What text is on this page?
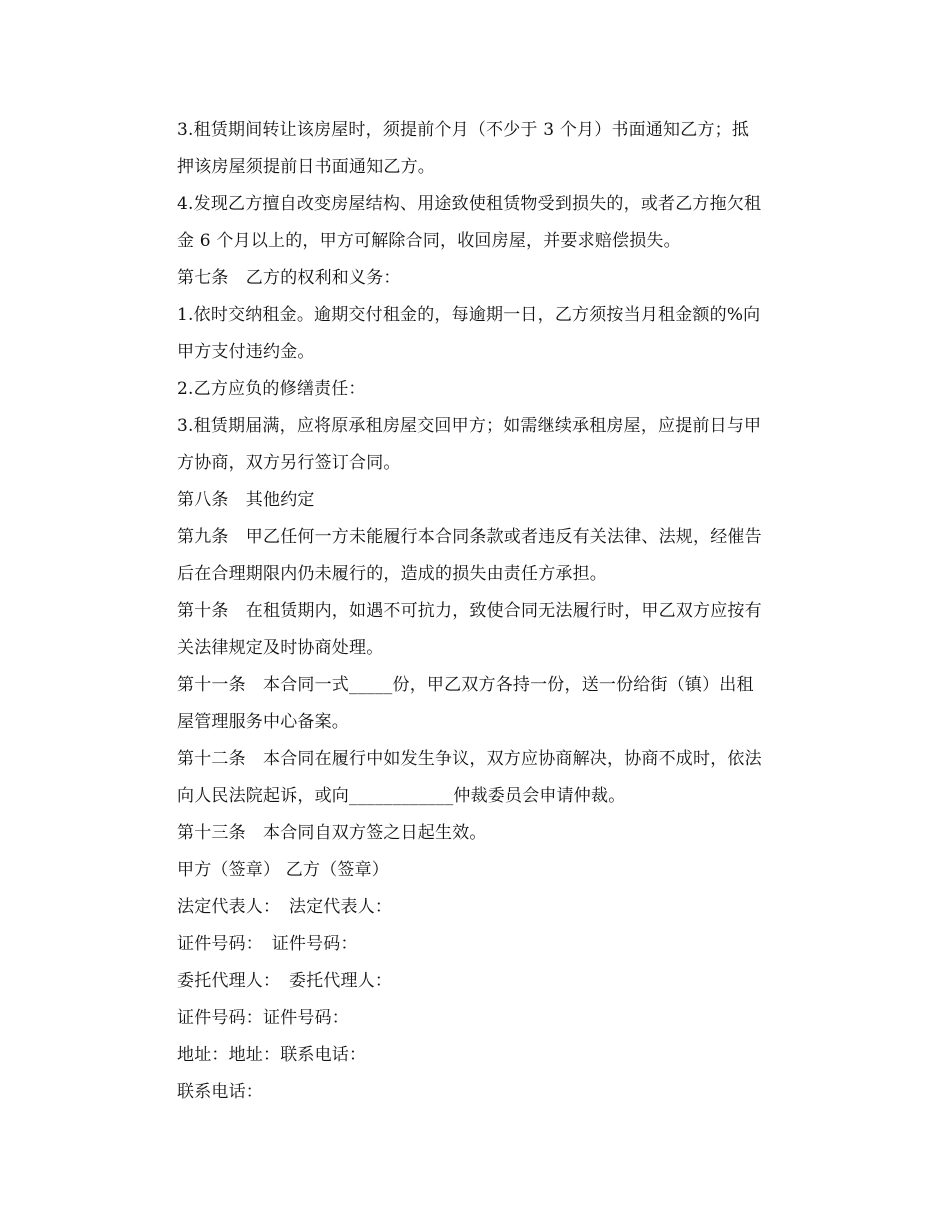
3.租赁期间转让该房屋时，须提前个月（不少于 3 个月）书面通知乙方；抵
押该房屋须提前日书面通知乙方。

4.发现乙方擅自改变房屋结构、用途致使租赁物受到损失的，或者乙方拖欠租
金 6 个月以上的，甲方可解除合同，收回房屋，并要求赔偿损失。

第七条　乙方的权利和义务：

1.依时交纳租金。逾期交付租金的，每逾期一日，乙方须按当月租金额的%向
甲方支付违约金。

2.乙方应负的修缮责任：

3.租赁期届满，应将原承租房屋交回甲方；如需继续承租房屋，应提前日与甲
方协商，双方另行签订合同。

第八条　其他约定

第九条　甲乙任何一方未能履行本合同条款或者违反有关法律、法规，经催告
后在合理期限内仍未履行的，造成的损失由责任方承担。

第十条　在租赁期内，如遇不可抗力，致使合同无法履行时，甲乙双方应按有
关法律规定及时协商处理。

第十一条　本合同一式_____份，甲乙双方各持一份，送一份给街（镇）出租
屋管理服务中心备案。

第十二条　本合同在履行中如发生争议，双方应协商解决，协商不成时，依法
向人民法院起诉，或向____________仲裁委员会申请仲裁。

第十三条　本合同自双方签之日起生效。

甲方（签章） 乙方（签章）

法定代表人：　法定代表人：

证件号码：　证件号码：

委托代理人：　委托代理人：

证件号码：证件号码：

地址：地址：联系电话：

联系电话：
